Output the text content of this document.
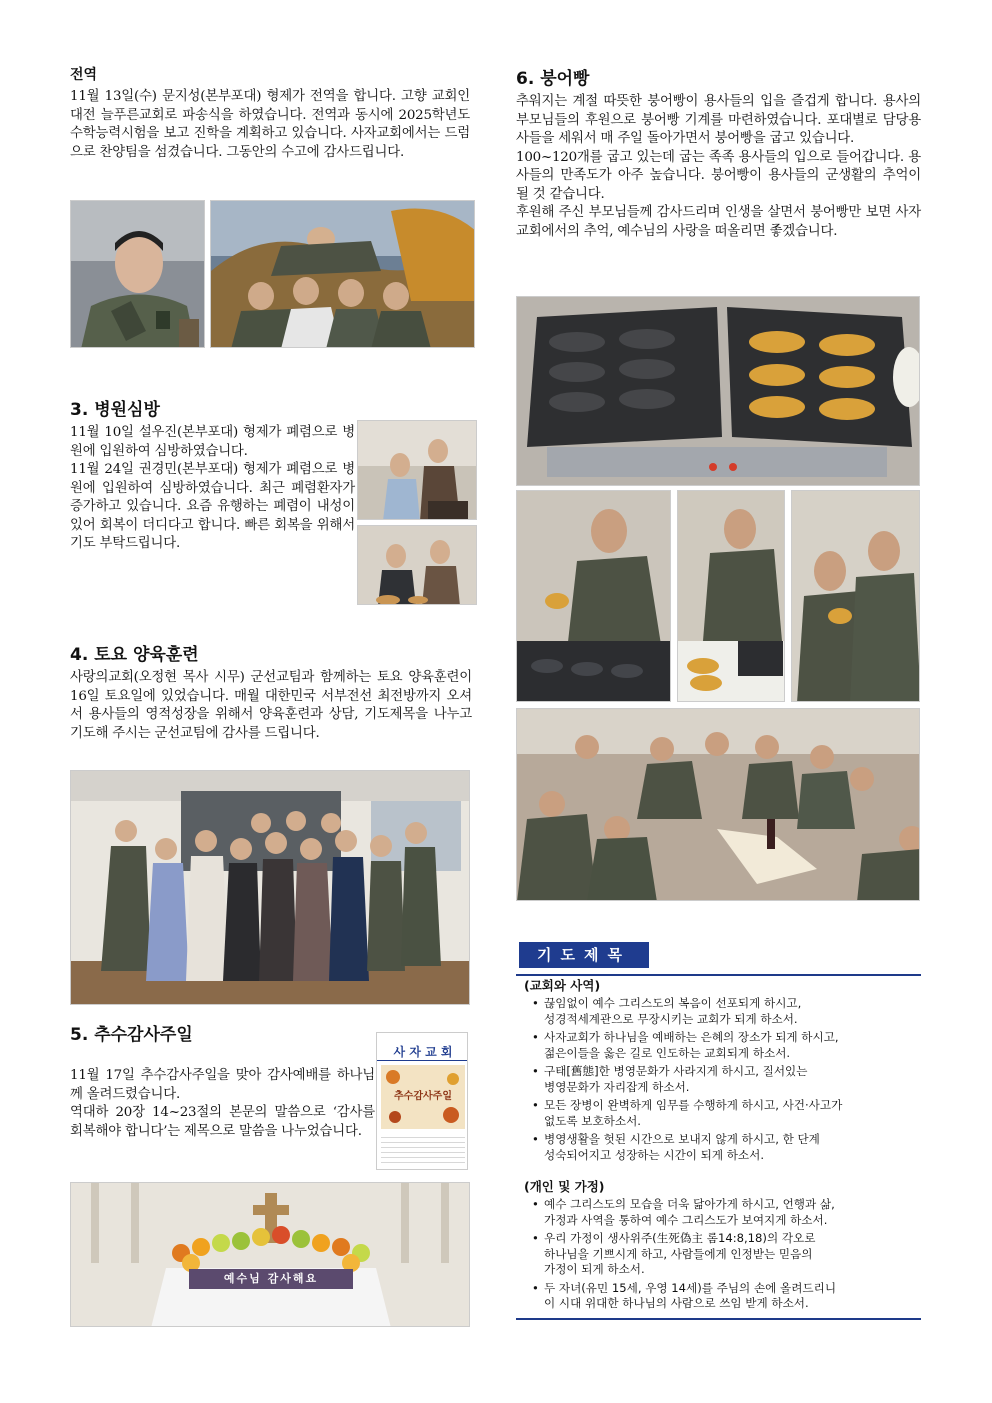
전역

11월 13일(수) 문지성(본부포대) 형제가 전역을 합니다. 고향 교회인 대전 늘푸른교회로 파송식을 하였습니다. 전역과 동시에 2025학년도 수학능력시험을 보고 진학을 계획하고 있습니다. 사자교회에서는 드럼으로 찬양팀을 섬겼습니다. 그동안의 수고에 감사드립니다.

3. 병원심방

11월 10일 설우진(본부포대) 형제가 폐렴으로 병원에 입원하여 심방하였습니다.
11월 24일 권경민(본부포대) 형제가 폐렴으로 병원에 입원하여 심방하였습니다. 최근 폐렴환자가 증가하고 있습니다. 요즘 유행하는 폐렴이 내성이 있어 회복이 더디다고 합니다. 빠른 회복을 위해서 기도 부탁드립니다.

4. 토요 양육훈련

사랑의교회(오정현 목사 시무) 군선교팀과 함께하는 토요 양육훈련이 16일 토요일에 있었습니다. 매월 대한민국 서부전선 최전방까지 오셔서 용사들의 영적성장을 위해서 양육훈련과 상담, 기도제목을 나누고 기도해 주시는 군선교팀에 감사를 드립니다.

5. 추수감사주일

11월 17일 추수감사주일을 맞아 감사예배를 하나님께 올려드렸습니다.
역대하 20장 14~23절의 본문의 말씀으로 ‘감사를 회복해야 합니다’는 제목으로 말씀을 나누었습니다.

사 자 교 회
추수감사주일
예수님 감사해요
6. 붕어빵

추워지는 계절 따뜻한 붕어빵이 용사들의 입을 즐겁게 합니다. 용사의 부모님들의 후원으로 붕어빵 기계를 마련하였습니다. 포대별로 담당용사들을 세워서 매 주일 돌아가면서 붕어빵을 굽고 있습니다.
100~120개를 굽고 있는데 굽는 족족 용사들의 입으로 들어갑니다. 용사들의 만족도가 아주 높습니다. 붕어빵이 용사들의 군생활의 추억이 될 것 같습니다.
후원해 주신 부모님들께 감사드리며 인생을 살면서 붕어빵만 보면 사자교회에서의 추억, 예수님의 사랑을 떠올리면 좋겠습니다.

기도제목
(교회와 사역)
• 끊임없이 예수 그리스도의 복음이 선포되게 하시고,
성경적세계관으로 무장시키는 교회가 되게 하소서.
• 사자교회가 하나님을 예배하는 은혜의 장소가 되게 하시고,
젊은이들을 옳은 길로 인도하는 교회되게 하소서.
• 구태[舊態]한 병영문화가 사라지게 하시고, 질서있는
병영문화가 자리잡게 하소서.
• 모든 장병이 완벽하게 임무를 수행하게 하시고, 사건·사고가
없도록 보호하소서.
• 병영생활을 헛된 시간으로 보내지 않게 하시고, 한 단계
성숙되어지고 성장하는 시간이 되게 하소서.
(개인 및 가정)
• 예수 그리스도의 모습을 더욱 닮아가게 하시고, 언행과 삶,
가정과 사역을 통하여 예수 그리스도가 보여지게 하소서.
• 우리 가정이 생사위주(生死偽主 롬14:8,18)의 각오로
하나님을 기쁘시게 하고, 사람들에게 인정받는 믿음의
가정이 되게 하소서.
• 두 자녀(유민 15세, 우영 14세)를 주님의 손에 올려드리니
이 시대 위대한 하나님의 사람으로 쓰임 받게 하소서.
